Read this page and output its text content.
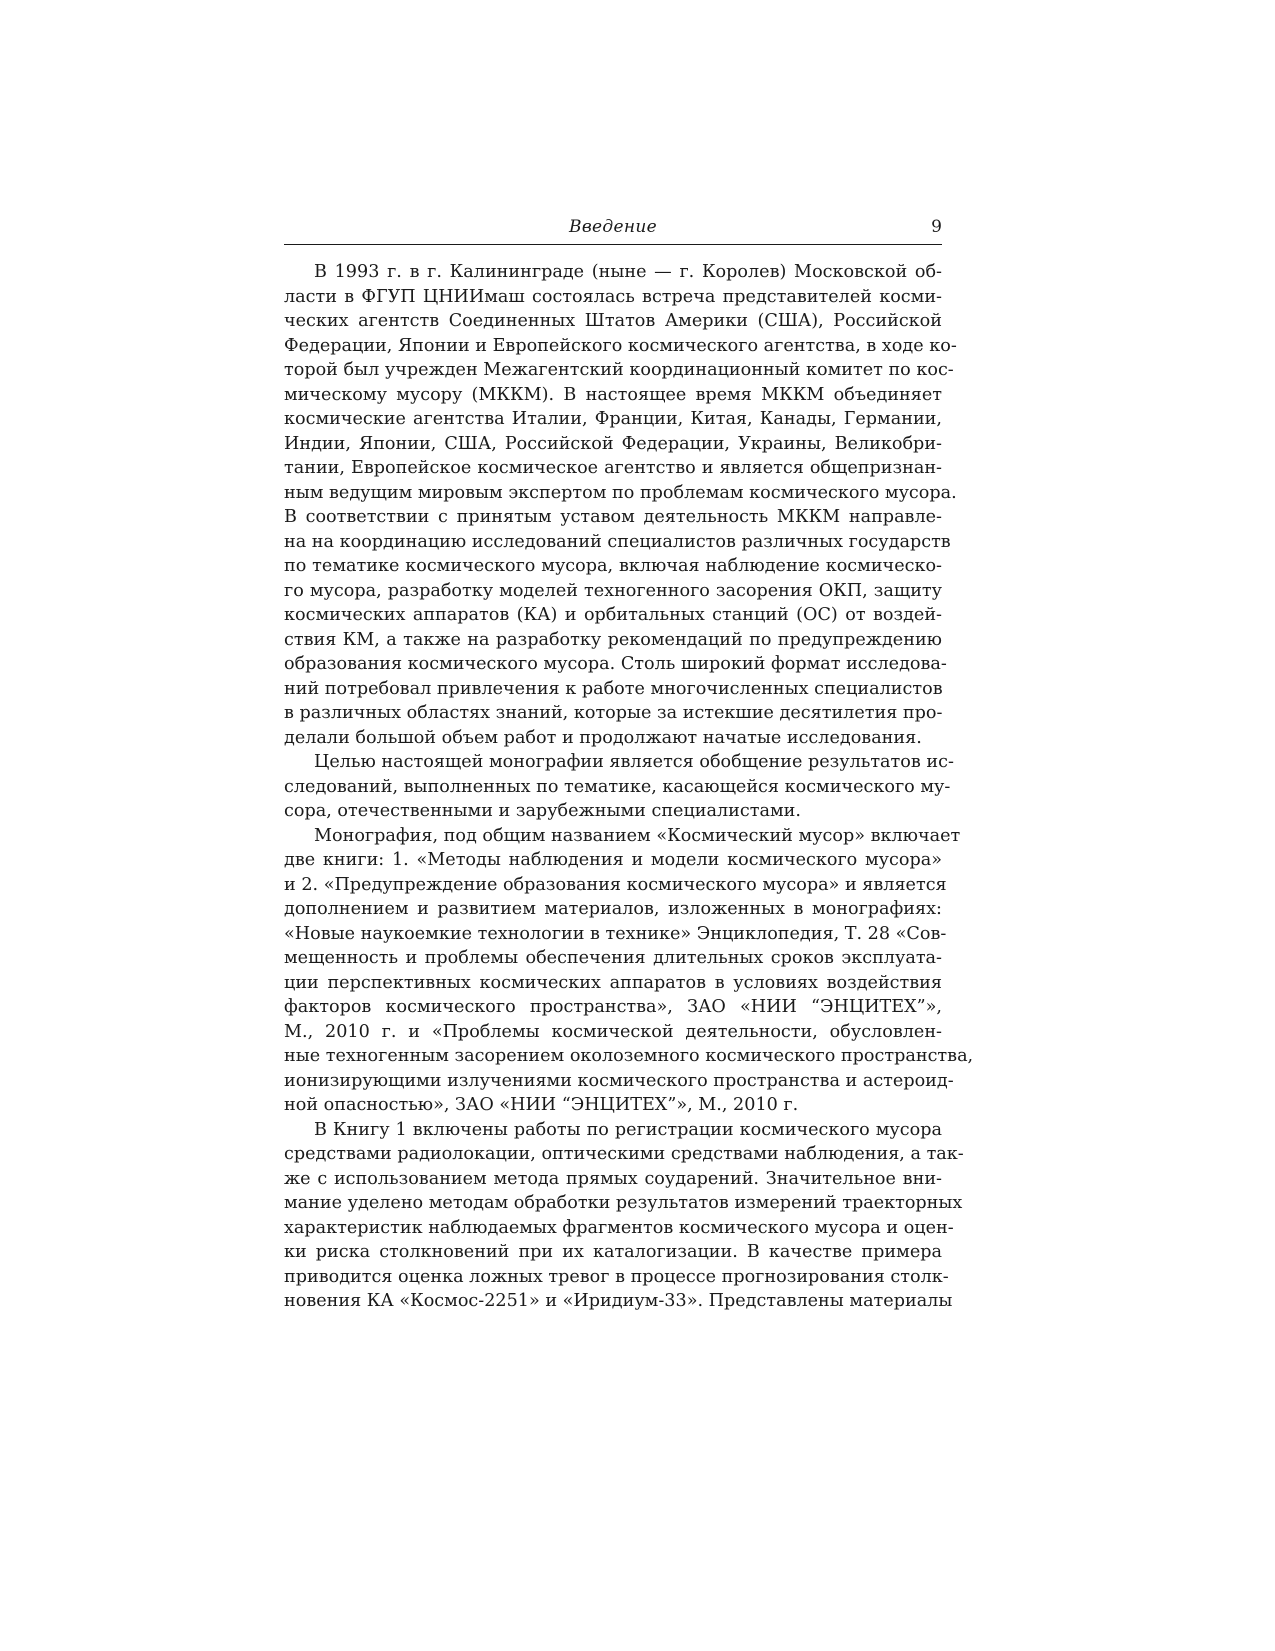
Введение	9
В 1993 г. в г. Калининграде (ныне — г. Королев) Московской об-
ласти в ФГУП ЦНИИмаш состоялась встреча представителей косми-
ческих агентств Соединенных Штатов Америки (США), Российской
Федерации, Японии и Европейского космического агентства, в ходе ко-
торой был учрежден Межагентский координационный комитет по кос-
мическому мусору (МККМ). В настоящее время МККМ объединяет
космические агентства Италии, Франции, Китая, Канады, Германии,
Индии, Японии, США, Российской Федерации, Украины, Великобри-
тании, Европейское космическое агентство и является общепризнан-
ным ведущим мировым экспертом по проблемам космического мусора.
В соответствии с принятым уставом деятельность МККМ направле-
на на координацию исследований специалистов различных государств
по тематике космического мусора, включая наблюдение космическо-
го мусора, разработку моделей техногенного засорения ОКП, защиту
космических аппаратов (КА) и орбитальных станций (ОС) от воздей-
ствия КМ, а также на разработку рекомендаций по предупреждению
образования космического мусора. Столь широкий формат исследова-
ний потребовал привлечения к работе многочисленных специалистов
в различных областях знаний, которые за истекшие десятилетия про-
делали большой объем работ и продолжают начатые исследования.
Целью настоящей монографии является обобщение результатов ис-
следований, выполненных по тематике, касающейся космического му-
сора, отечественными и зарубежными специалистами.
Монография, под общим названием «Космический мусор» включает
две книги: 1. «Методы наблюдения и модели космического мусора»
и 2. «Предупреждение образования космического мусора» и является
дополнением и развитием материалов, изложенных в монографиях:
«Новые наукоемкие технологии в технике» Энциклопедия, Т. 28 «Сов-
мещенность и проблемы обеспечения длительных сроков эксплуата-
ции перспективных космических аппаратов в условиях воздействия
факторов космического пространства», ЗАО «НИИ “ЭНЦИТЕХ”»,
М., 2010 г. и «Проблемы космической деятельности, обусловлен-
ные техногенным засорением околоземного космического пространства,
ионизирующими излучениями космического пространства и астероид-
ной опасностью», ЗАО «НИИ “ЭНЦИТЕХ”», М., 2010 г.
В Книгу 1 включены работы по регистрации космического мусора
средствами радиолокации, оптическими средствами наблюдения, а так-
же с использованием метода прямых соударений. Значительное вни-
мание уделено методам обработки результатов измерений траекторных
характеристик наблюдаемых фрагментов космического мусора и оцен-
ки риска столкновений при их каталогизации. В качестве примера
приводится оценка ложных тревог в процессе прогнозирования столк-
новения КА «Космос-2251» и «Иридиум-33». Представлены материалы
